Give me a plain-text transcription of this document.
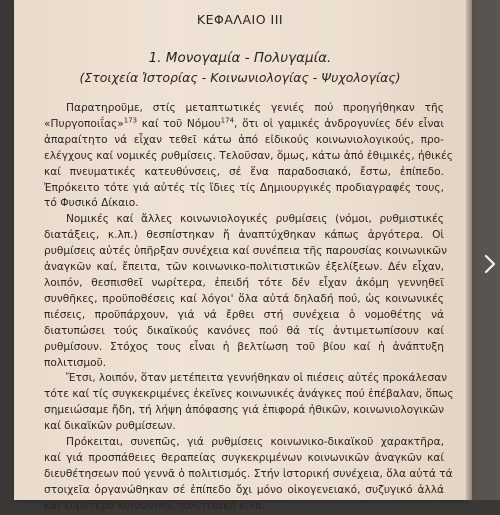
ΚΕΦΑΛΑΙΟ III
1. Μονογαμία - Πολυγαμία.
(Στοιχεία Ἱστορίας - Κοινωνιολογίας - Ψυχολογίας)
Παρατηροῦμε, στίς μεταπτωτικές γενιές πού προηγήθηκαν τῆς
«Πυργοποιΐας»$^{173}$ καί τοῦ Νόμου$^{174}$, ὅτι οἱ γαμικές ἀνδρογυνίες δέν εἶναι
ἀπαραίτητο νά εἶχαν τεθεῖ κάτω ἀπό εἰδικούς κοινωνιολογικούς, προ-
ελέγχους καί νομικές ρυθμίσεις. Τελοῦσαν, ὅμως, κάτω ἀπό ἐθιμικές, ἠθικές
καί πνευματικές κατευθύνσεις, σέ ἕνα παραδοσιακό, ἔστω, ἐπίπεδο.
Ἐπρόκειτο τότε γιά αὐτές τίς ἴδιες τίς Δημιουργικές προδιαγραφές τους,
τό Φυσικό Δίκαιο.
Νομικές καί ἄλλες κοινωνιολογικές ρυθμίσεις (νόμοι, ρυθμιστικές
διατάξεις, κ.λπ.) θεσπίστηκαν ἤ ἀναπτύχθηκαν κάπως ἀργότερα. Οἱ
ρυθμίσεις αὐτές ὑπῆρξαν συνέχεια καί συνέπεια τῆς παρουσίας κοινωνικῶν
ἀναγκῶν καί, ἔπειτα, τῶν κοινωνικο-πολιτιστικῶν ἐξελίξεων. Δέν εἶχαν,
λοιπόν, θεσπισθεῖ νωρίτερα, ἐπειδή τότε δέν εἶχαν ἀκόμη γεννηθεῖ
συνθῆκες, προϋποθέσεις καί λόγοι' ὅλα αὐτά δηλαδή πού, ὡς κοινωνικές
πιέσεις, προϋπάρχουν, γιά νά ἔρθει στή συνέχεια ὁ νομοθέτης νά
διατυπώσει τούς δικαϊκούς κανόνες πού θά τίς ἀντιμετωπίσουν καί
ρυθμίσουν. Στόχος τους εἶναι ἡ βελτίωση τοῦ βίου καί ἡ ἀνάπτυξη
πολιτισμοῦ.
Ἔτσι, λοιπόν, ὅταν μετέπειτα γεννήθηκαν οἱ πιέσεις αὐτές προκάλεσαν
τότε καί τίς συγκεκριμένες ἐκεῖνες κοινωνικές ἀνάγκες πού ἐπέβαλαν, ὅπως
σημειώσαμε ἤδη, τή λήψη ἀπόφασης γιά ἐπιφορά ἠθικῶν, κοινωνιολογικῶν
καί δικαϊκῶν ρυθμίσεων.
Πρόκειται, συνεπῶς, γιά ρυθμίσεις κοινωνικο-δικαϊκοῦ χαρακτῆρα,
καί γιά προσπάθειες θεραπείας συγκεκριμένων κοινωνικῶν ἀναγκῶν καί
διευθέτησεων πού γεννᾶ ὁ πολιτισμός. Στήν ἱστορική συνέχεια, ὅλα αὐτά τά
στοιχεῖα ὀργανώθηκαν σέ ἐπίπεδο ὄχι μόνο οἰκογενειακό, συζυγικό ἀλλά
καί εὐρύτερο κοινωνικό, πολιτειακό κ.λπ..
